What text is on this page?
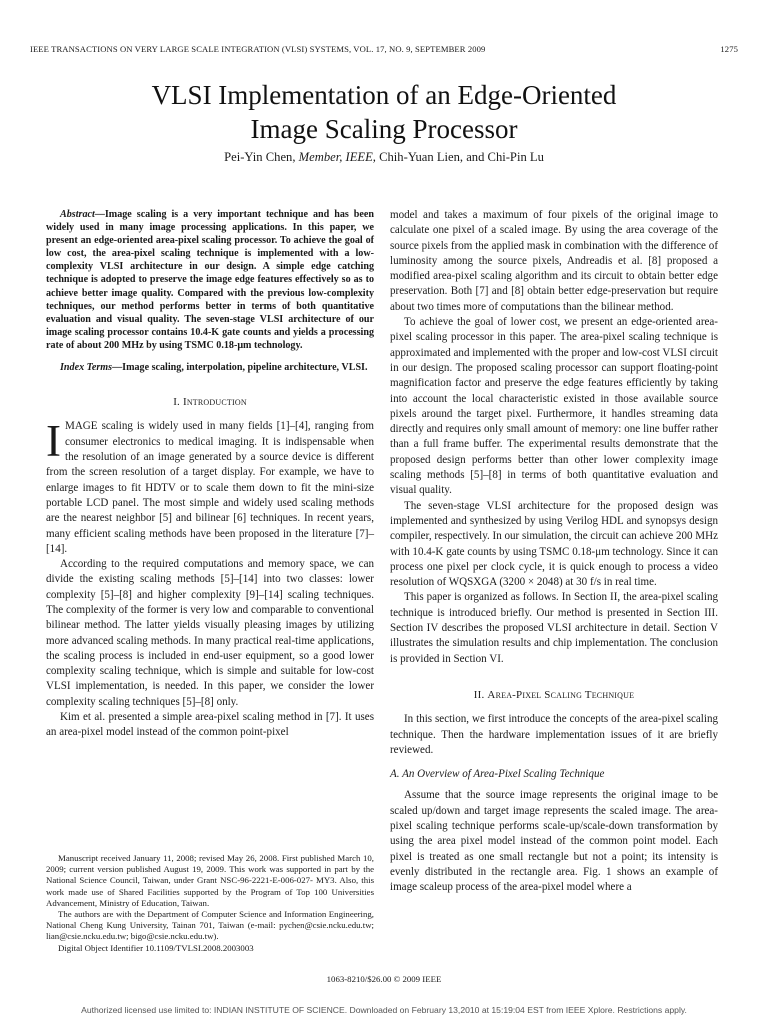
IEEE TRANSACTIONS ON VERY LARGE SCALE INTEGRATION (VLSI) SYSTEMS, VOL. 17, NO. 9, SEPTEMBER 2009	1275
VLSI Implementation of an Edge-Oriented
Image Scaling Processor
Pei-Yin Chen, Member, IEEE, Chih-Yuan Lien, and Chi-Pin Lu

Abstract—Image scaling is a very important technique and has been widely used in many image processing applications. In this paper, we present an edge-oriented area-pixel scaling processor. To achieve the goal of low cost, the area-pixel scaling technique is implemented with a low-complexity VLSI architecture in our design. A simple edge catching technique is adopted to preserve the image edge features effectively so as to achieve better image quality. Compared with the previous low-complexity techniques, our method performs better in terms of both quantitative evaluation and visual quality. The seven-stage VLSI architecture of our image scaling processor contains 10.4-K gate counts and yields a processing rate of about 200 MHz by using TSMC 0.18-μm technology.

Index Terms—Image scaling, interpolation, pipeline architecture, VLSI.

I. Introduction

IMAGE scaling is widely used in many fields [1]–[4], ranging from consumer electronics to medical imaging. It is indispensable when the resolution of an image generated by a source device is different from the screen resolution of a target display. For example, we have to enlarge images to fit HDTV or to scale them down to fit the mini-size portable LCD panel. The most simple and widely used scaling methods are the nearest neighbor [5] and bilinear [6] techniques. In recent years, many efficient scaling methods have been proposed in the literature [7]–[14].

According to the required computations and memory space, we can divide the existing scaling methods [5]–[14] into two classes: lower complexity [5]–[8] and higher complexity [9]–[14] scaling techniques. The complexity of the former is very low and comparable to conventional bilinear method. The latter yields visually pleasing images by utilizing more advanced scaling methods. In many practical real-time applications, the scaling process is included in end-user equipment, so a good lower complexity scaling technique, which is simple and suitable for low-cost VLSI implementation, is needed. In this paper, we consider the lower complexity scaling techniques [5]–[8] only.

Kim et al. presented a simple area-pixel scaling method in [7]. It uses an area-pixel model instead of the common point-pixel

Manuscript received January 11, 2008; revised May 26, 2008. First published March 10, 2009; current version published August 19, 2009. This work was supported in part by the National Science Council, Taiwan, under Grant NSC-96-2221-E-006-027- MY3. Also, this work made use of Shared Facilities supported by the Program of Top 100 Universities Advancement, Ministry of Education, Taiwan.

The authors are with the Department of Computer Science and Information Engineering, National Cheng Kung University, Tainan 701, Taiwan (e-mail: pychen@csie.ncku.edu.tw; lian@csie.ncku.edu.tw; bigo@csie.ncku.edu.tw).

Digital Object Identifier 10.1109/TVLSI.2008.2003003

model and takes a maximum of four pixels of the original image to calculate one pixel of a scaled image. By using the area coverage of the source pixels from the applied mask in combination with the difference of luminosity among the source pixels, Andreadis et al. [8] proposed a modified area-pixel scaling algorithm and its circuit to obtain better edge preservation. Both [7] and [8] obtain better edge-preservation but require about two times more of computations than the bilinear method.

To achieve the goal of lower cost, we present an edge-oriented area-pixel scaling processor in this paper. The area-pixel scaling technique is approximated and implemented with the proper and low-cost VLSI circuit in our design. The proposed scaling processor can support floating-point magnification factor and preserve the edge features efficiently by taking into account the local characteristic existed in those available source pixels around the target pixel. Furthermore, it handles streaming data directly and requires only small amount of memory: one line buffer rather than a full frame buffer. The experimental results demonstrate that the proposed design performs better than other lower complexity image scaling methods [5]–[8] in terms of both quantitative evaluation and visual quality.

The seven-stage VLSI architecture for the proposed design was implemented and synthesized by using Verilog HDL and synopsys design compiler, respectively. In our simulation, the circuit can achieve 200 MHz with 10.4-K gate counts by using TSMC 0.18-μm technology. Since it can process one pixel per clock cycle, it is quick enough to process a video resolution of WQSXGA (3200 × 2048) at 30 f/s in real time.

This paper is organized as follows. In Section II, the area-pixel scaling technique is introduced briefly. Our method is presented in Section III. Section IV describes the proposed VLSI architecture in detail. Section V illustrates the simulation results and chip implementation. The conclusion is provided in Section VI.

II. Area-Pixel Scaling Technique

In this section, we first introduce the concepts of the area-pixel scaling technique. Then the hardware implementation issues of it are briefly reviewed.

A. An Overview of Area-Pixel Scaling Technique

Assume that the source image represents the original image to be scaled up/down and target image represents the scaled image. The area-pixel scaling technique performs scale-up/scale-down transformation by using the area pixel model instead of the common point model. Each pixel is treated as one small rectangle but not a point; its intensity is evenly distributed in the rectangle area. Fig. 1 shows an example of image scaleup process of the area-pixel model where a

1063-8210/$26.00 © 2009 IEEE
Authorized licensed use limited to: INDIAN INSTITUTE OF SCIENCE. Downloaded on February 13,2010 at 15:19:04 EST from IEEE Xplore. Restrictions apply.
